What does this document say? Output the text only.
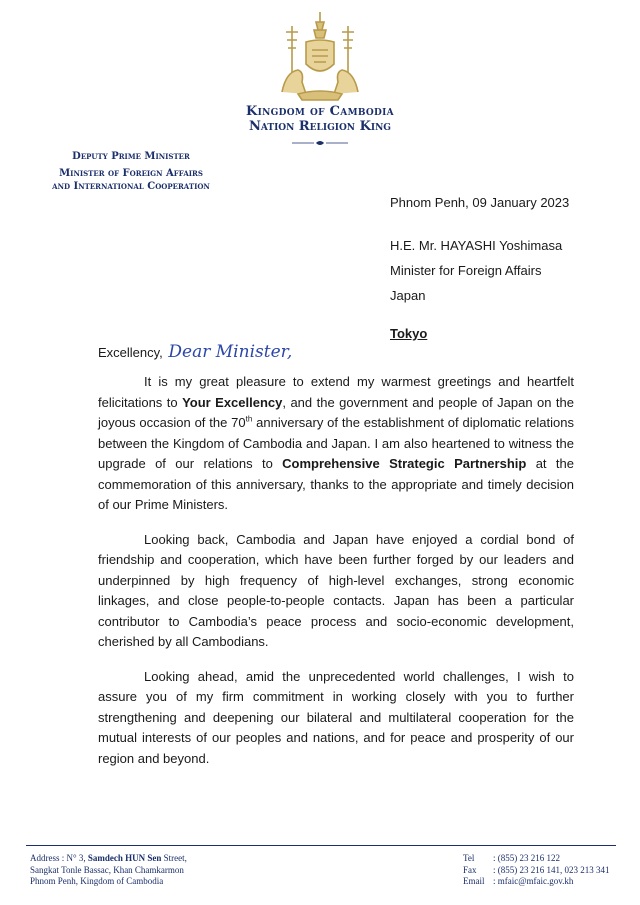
Kingdom of Cambodia
Nation Religion King
Deputy Prime Minister
Minister of Foreign Affairs
and International Cooperation
Phnom Penh, 09 January 2023
H.E. Mr. HAYASHI Yoshimasa
Minister for Foreign Affairs
Japan
Tokyo
Excellency, Dear Minister,

It is my great pleasure to extend my warmest greetings and heartfelt felicitations to Your Excellency, and the government and people of Japan on the joyous occasion of the 70th anniversary of the establishment of diplomatic relations between the Kingdom of Cambodia and Japan. I am also heartened to witness the upgrade of our relations to Comprehensive Strategic Partnership at the commemoration of this anniversary, thanks to the appropriate and timely decision of our Prime Ministers.

Looking back, Cambodia and Japan have enjoyed a cordial bond of friendship and cooperation, which have been further forged by our leaders and underpinned by high frequency of high-level exchanges, strong economic linkages, and close people-to-people contacts. Japan has been a particular contributor to Cambodia’s peace process and socio-economic development, cherished by all Cambodians.

Looking ahead, amid the unprecedented world challenges, I wish to assure you of my firm commitment in working closely with you to further strengthening and deepening our bilateral and multilateral cooperation for the mutual interests of our peoples and nations, and for peace and prosperity of our region and beyond.

Address : N° 3, Samdech HUN Sen Street,
Sangkat Tonle Bassac, Khan Chamkarmon
Phnom Penh, Kingdom of Cambodia
Tel : (855) 23 216 122
Fax : (855) 23 216 141, 023 213 341
Email : mfaic@mfaic.gov.kh
